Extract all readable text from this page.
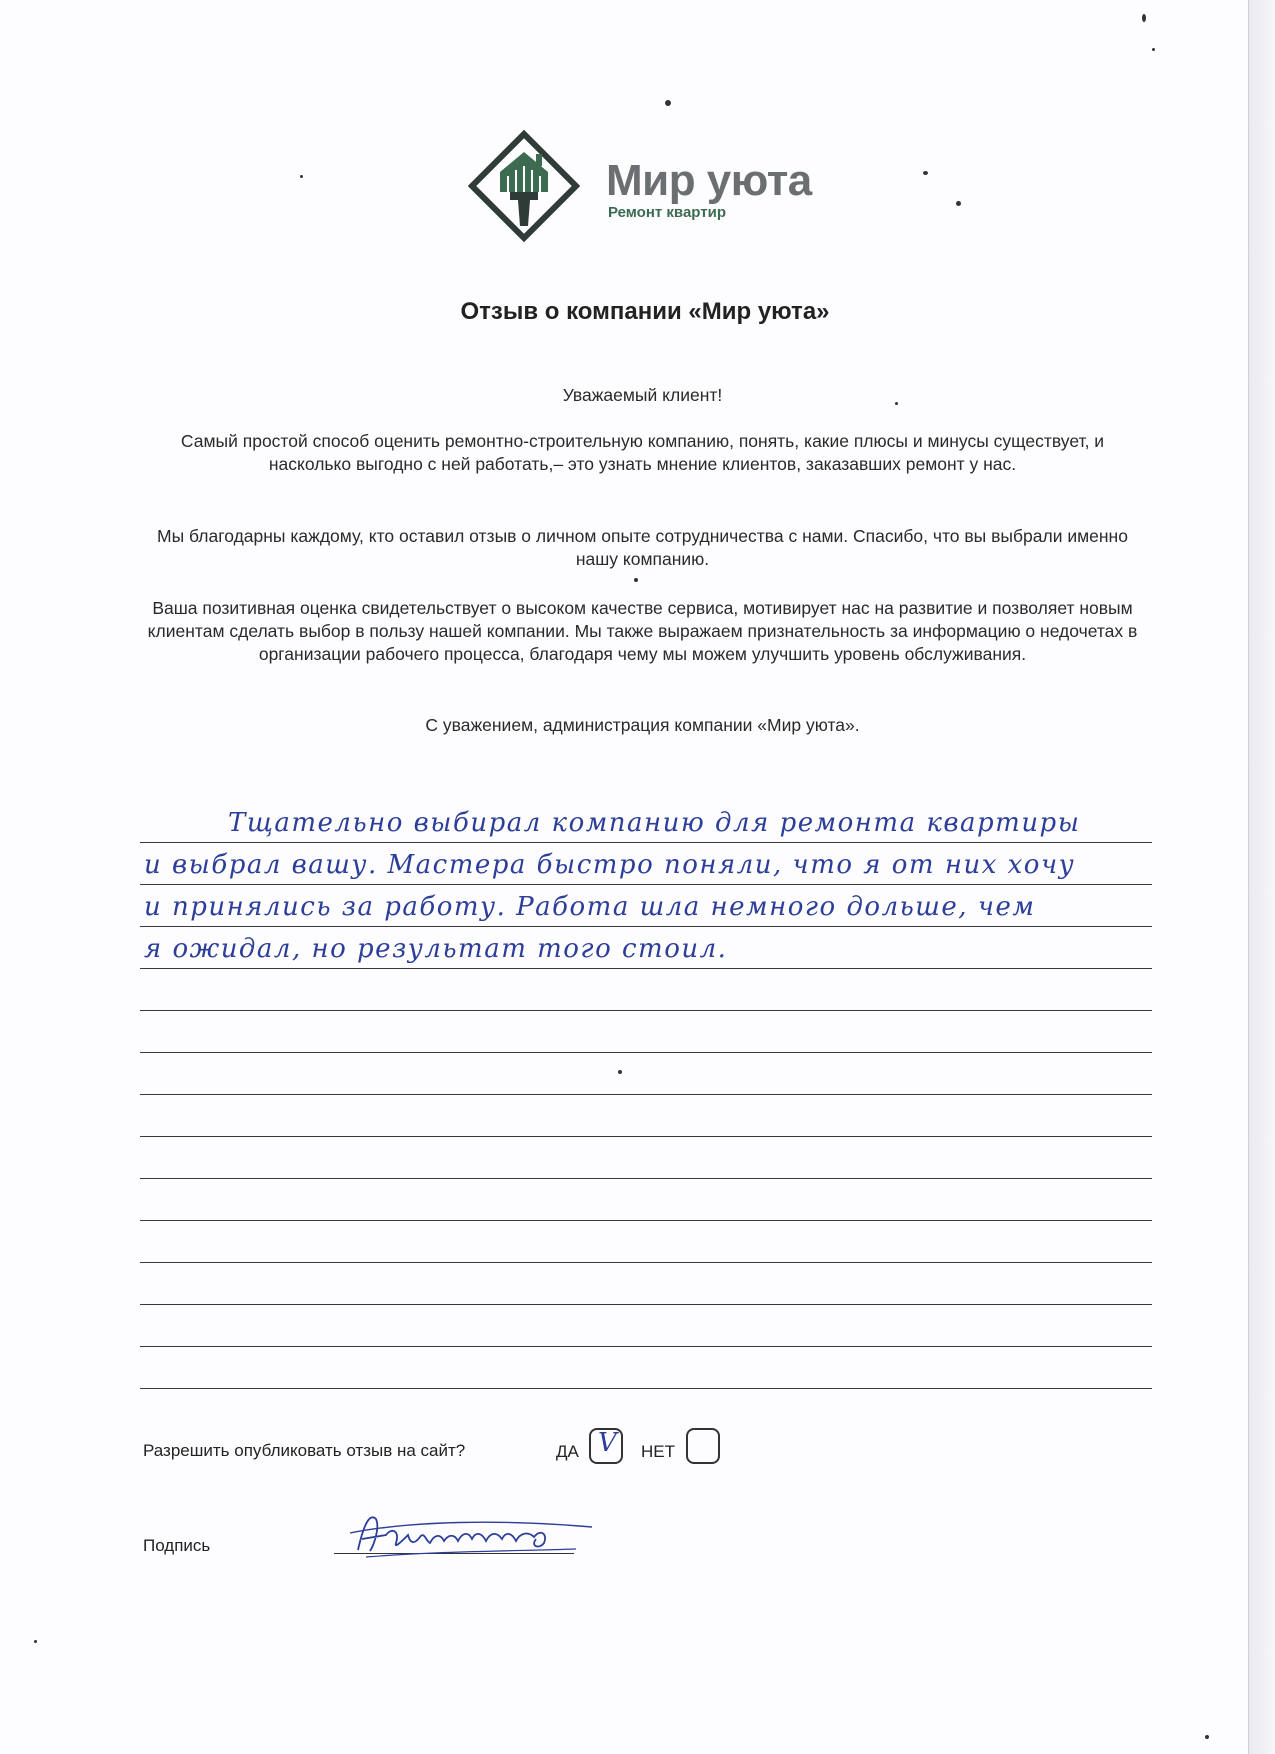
Мир уюта
Ремонт квартир
Отзыв о компании «Мир уюта»
Уважаемый клиент!
Самый простой способ оценить ремонтно-строительную компанию, понять, какие плюсы и минусы существует, и насколько выгодно с ней работать,– это узнать мнение клиентов, заказавших ремонт у нас.
Мы благодарны каждому, кто оставил отзыв о личном опыте сотрудничества с нами. Спасибо, что вы выбрали именно нашу компанию.
Ваша позитивная оценка свидетельствует о высоком качестве сервиса, мотивирует нас на развитие и позволяет новым клиентам сделать выбор в пользу нашей компании. Мы также выражаем признательность за информацию о недочетах в организации рабочего процесса, благодаря чему мы можем улучшить уровень обслуживания.
С уважением, администрация компании «Мир уюта».
Тщательно выбирал компанию для ремонта квартиры
и выбрал вашу. Мастера быстро поняли, что я от них хочу
и принялись за работу. Работа шла немного дольше, чем
я ожидал, но результат того стоил.
Разрешить опубликовать отзыв на сайт?	ДА V НЕТ
Подпись
